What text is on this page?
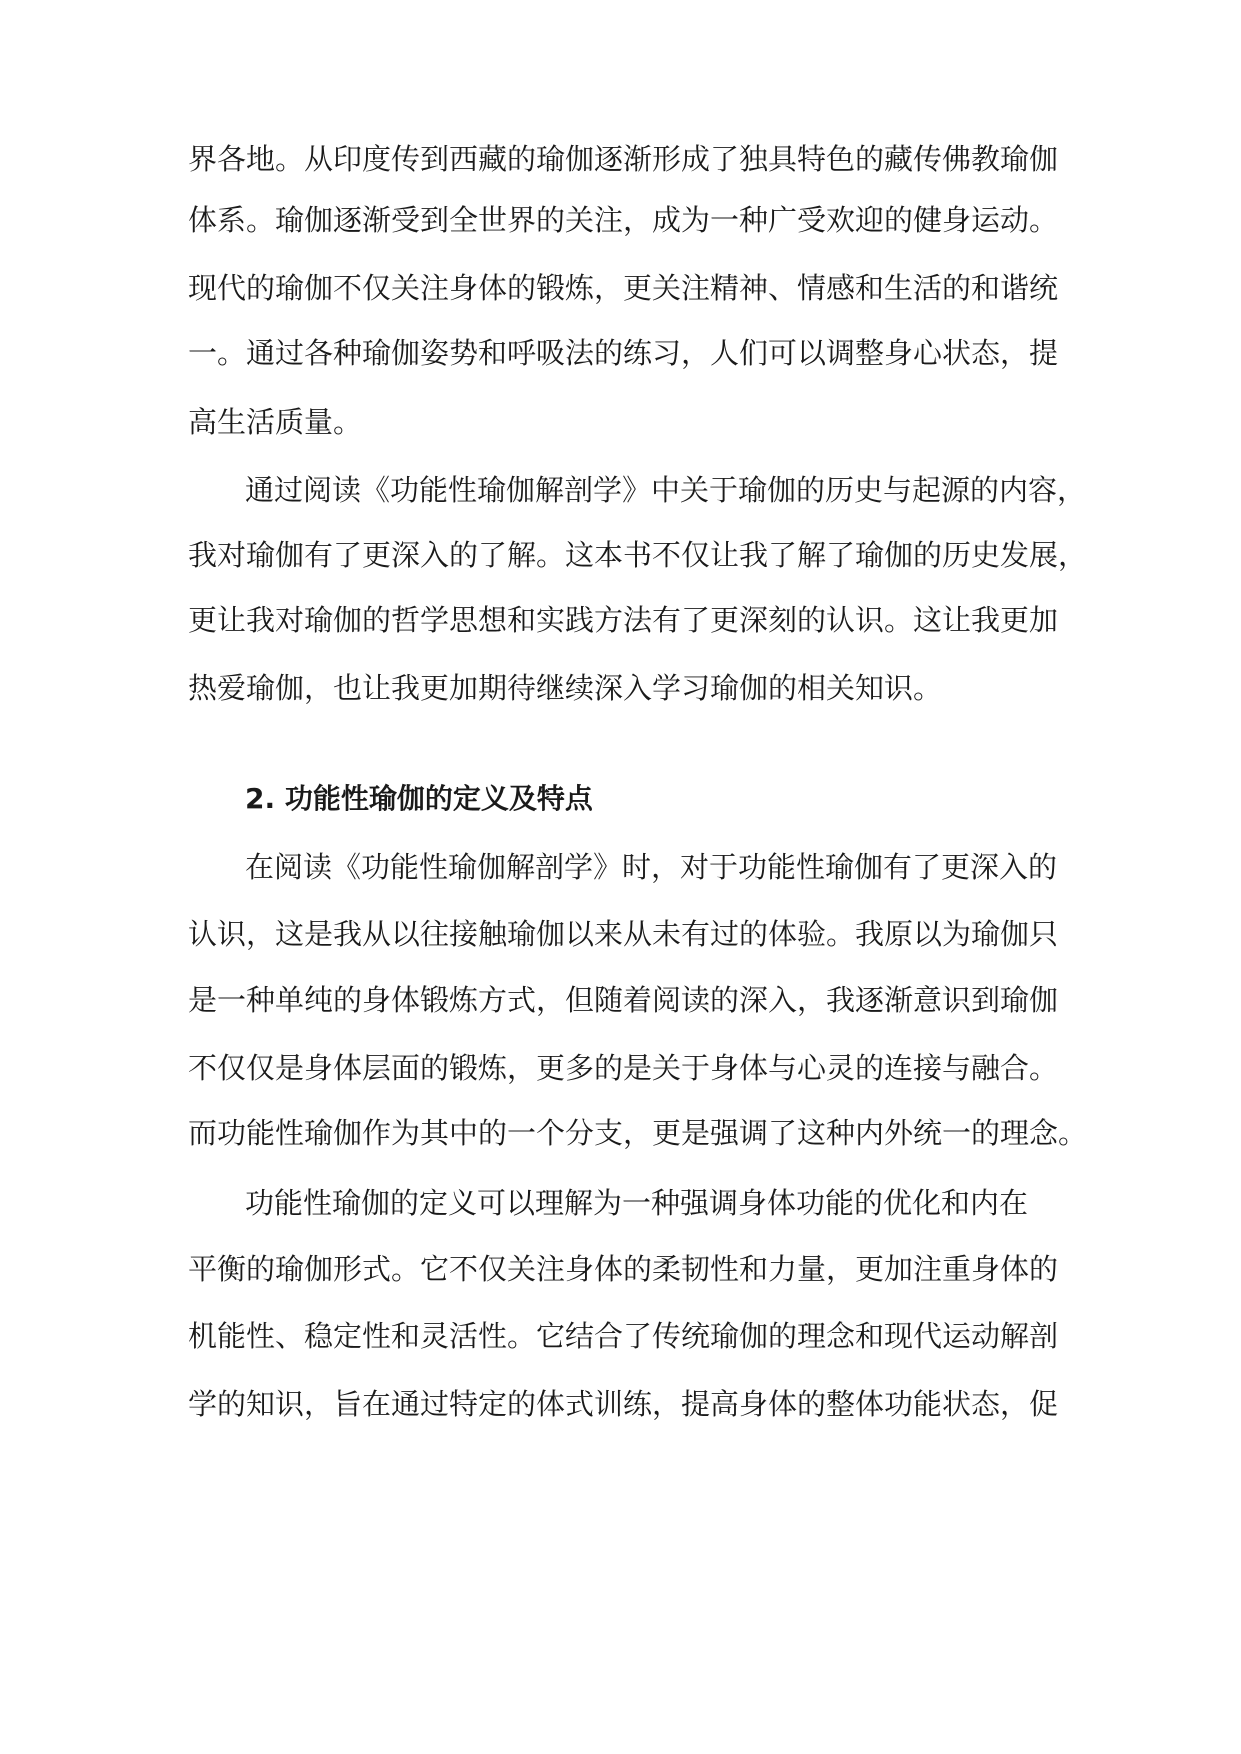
界各地。从印度传到西藏的瑜伽逐渐形成了独具特色的藏传佛教瑜伽
体系。瑜伽逐渐受到全世界的关注，成为一种广受欢迎的健身运动。
现代的瑜伽不仅关注身体的锻炼，更关注精神、情感和生活的和谐统
一。通过各种瑜伽姿势和呼吸法的练习，人们可以调整身心状态，提
高生活质量。
通过阅读《功能性瑜伽解剖学》中关于瑜伽的历史与起源的内容，
我对瑜伽有了更深入的了解。这本书不仅让我了解了瑜伽的历史发展，
更让我对瑜伽的哲学思想和实践方法有了更深刻的认识。这让我更加
热爱瑜伽，也让我更加期待继续深入学习瑜伽的相关知识。
2. 功能性瑜伽的定义及特点
在阅读《功能性瑜伽解剖学》时，对于功能性瑜伽有了更深入的
认识，这是我从以往接触瑜伽以来从未有过的体验。我原以为瑜伽只
是一种单纯的身体锻炼方式，但随着阅读的深入，我逐渐意识到瑜伽
不仅仅是身体层面的锻炼，更多的是关于身体与心灵的连接与融合。
而功能性瑜伽作为其中的一个分支，更是强调了这种内外统一的理念。
功能性瑜伽的定义可以理解为一种强调身体功能的优化和内在
平衡的瑜伽形式。它不仅关注身体的柔韧性和力量，更加注重身体的
机能性、稳定性和灵活性。它结合了传统瑜伽的理念和现代运动解剖
学的知识，旨在通过特定的体式训练，提高身体的整体功能状态，促
